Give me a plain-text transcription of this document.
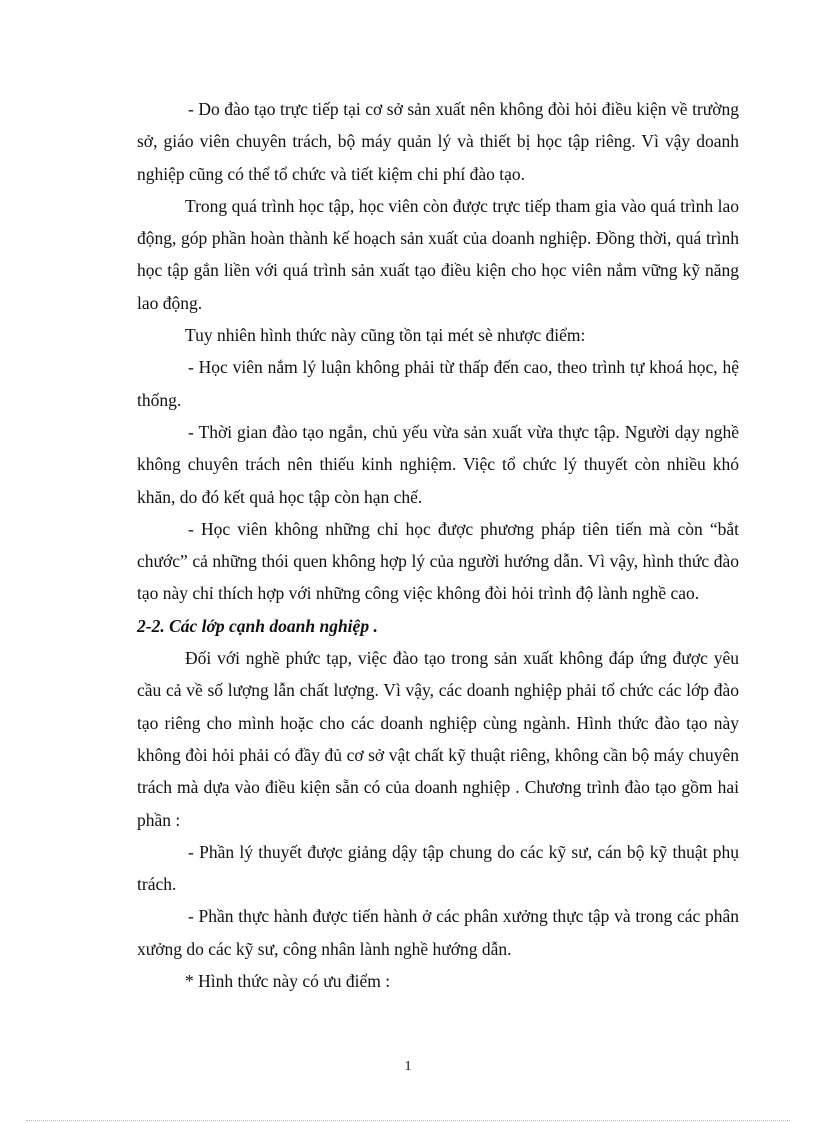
- Do đào tạo trực tiếp tại cơ sở sản xuất nên không đòi hỏi điều kiện về trường sở, giáo viên chuyên trách, bộ máy quản lý và thiết bị học tập riêng. Vì vậy doanh nghiệp cũng có thể tổ chức và tiết kiệm chi phí đào tạo.

Trong quá trình học tập, học viên còn được trực tiếp tham gia vào quá trình lao động, góp phần hoàn thành kế hoạch sản xuất của doanh nghiệp. Đồng thời, quá trình học tập gắn liền với quá trình sản xuất tạo điều kiện cho học viên nắm vững kỹ năng lao động.

Tuy nhiên hình thức này cũng tồn tại mét sè nhược điểm:

- Học viên nắm lý luận không phải từ thấp đến cao, theo trình tự khoá học, hệ thống.

- Thời gian đào tạo ngắn, chủ yếu vừa sản xuất vừa thực tập. Người dạy nghề không chuyên trách nên thiếu kinh nghiệm. Việc tổ chức lý thuyết còn nhiều khó khăn, do đó kết quả học tập còn hạn chế.

- Học viên không những chỉ học được phương pháp tiên tiến mà còn “bắt chước” cả những thói quen không hợp lý của người hướng dẫn. Vì vậy, hình thức đào tạo này chỉ thích hợp với những công việc không đòi hỏi trình độ lành nghề cao.

2-2. Các lớp cạnh doanh nghiệp .

Đối với nghề phức tạp, việc đào tạo trong sản xuất không đáp ứng được yêu cầu cả về số lượng lẫn chất lượng. Vì vậy, các doanh nghiệp phải tổ chức các lớp đào tạo riêng cho mình hoặc cho các doanh nghiệp cùng ngành. Hình thức đào tạo này không đòi hỏi phải có đầy đủ cơ sở vật chất kỹ thuật riêng, không cần bộ máy chuyên trách mà dựa vào điều kiện sẵn có của doanh nghiệp . Chương trình đào tạo gồm hai phần :

- Phần lý thuyết được giảng dậy tập chung do các kỹ sư, cán bộ kỹ thuật phụ trách.

- Phần thực hành được tiến hành ở các phân xưởng thực tập và trong các phân xưởng do các kỹ sư, công nhân lành nghề hướng dẫn.

* Hình thức này có ưu điểm :

1
